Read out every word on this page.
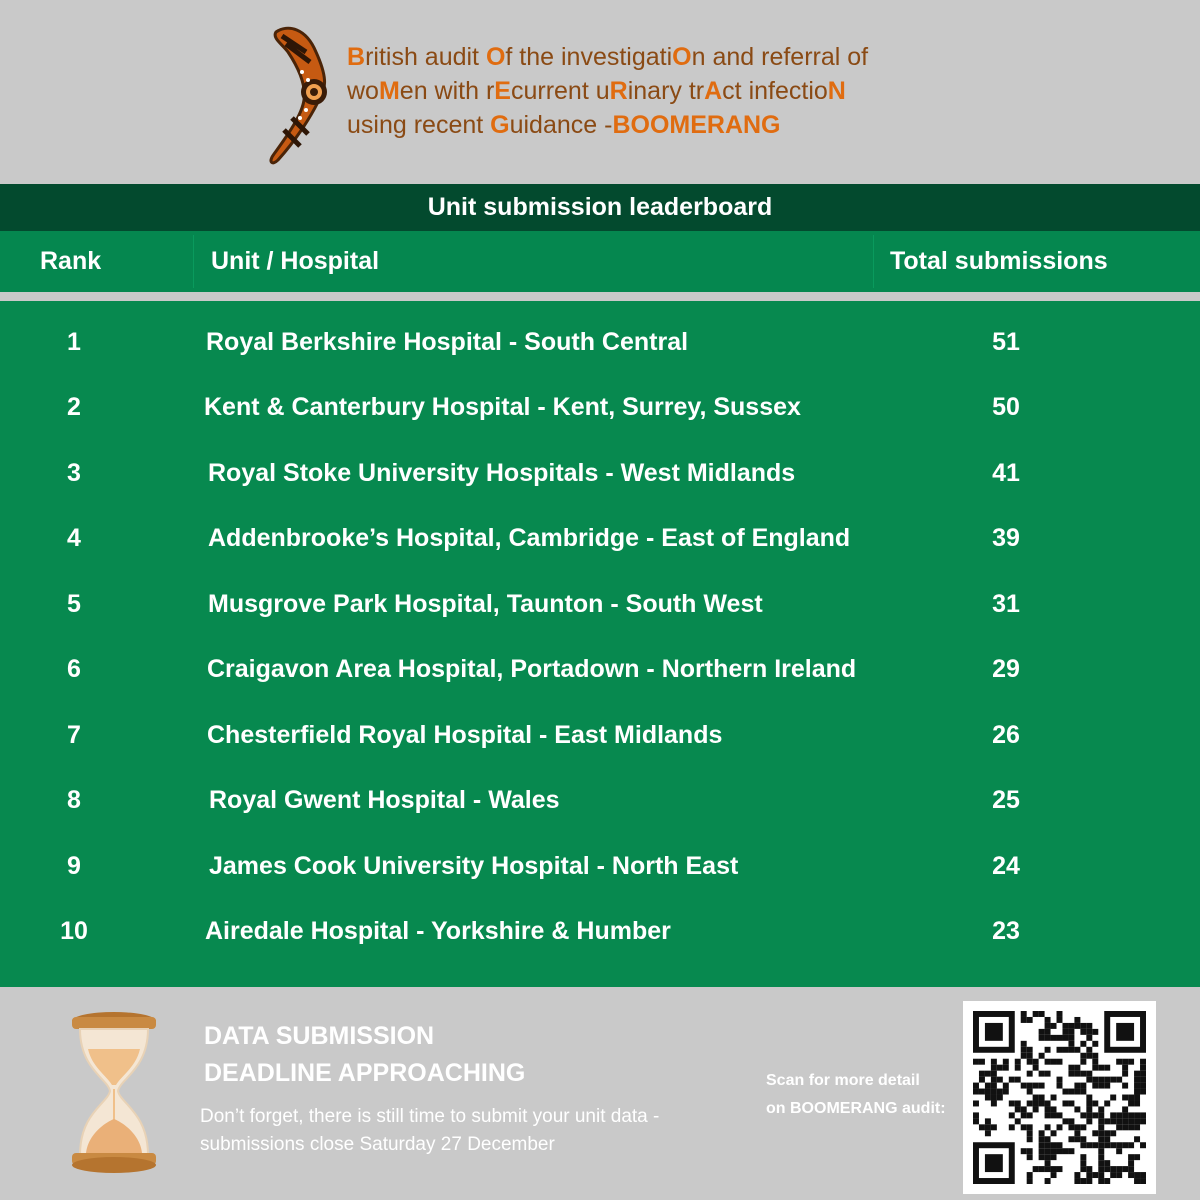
British audit Of the investigatiOn and referral of
woMen with rEcurrent uRinary trAct infectioN
using recent Guidance -BOOMERANG
Unit submission leaderboard
Rank	Unit / Hospital	Total submissions
1	Royal Berkshire Hospital - South Central	51
2	Kent & Canterbury Hospital - Kent, Surrey, Sussex	50
3	Royal Stoke University Hospitals - West Midlands	41
4	Addenbrooke’s Hospital, Cambridge - East of England	39
5	Musgrove Park Hospital, Taunton - South West	31
6	Craigavon Area Hospital, Portadown - Northern Ireland	29
7	Chesterfield Royal Hospital - East Midlands	26
8	Royal Gwent Hospital - Wales	25
9	James Cook University Hospital - North East	24
10	Airedale Hospital - Yorkshire & Humber	23
DATA SUBMISSION
DEADLINE APPROACHING
Don’t forget, there is still time to submit your unit data -
submissions close Saturday 27 December
Scan for more detail
on BOOMERANG audit:
